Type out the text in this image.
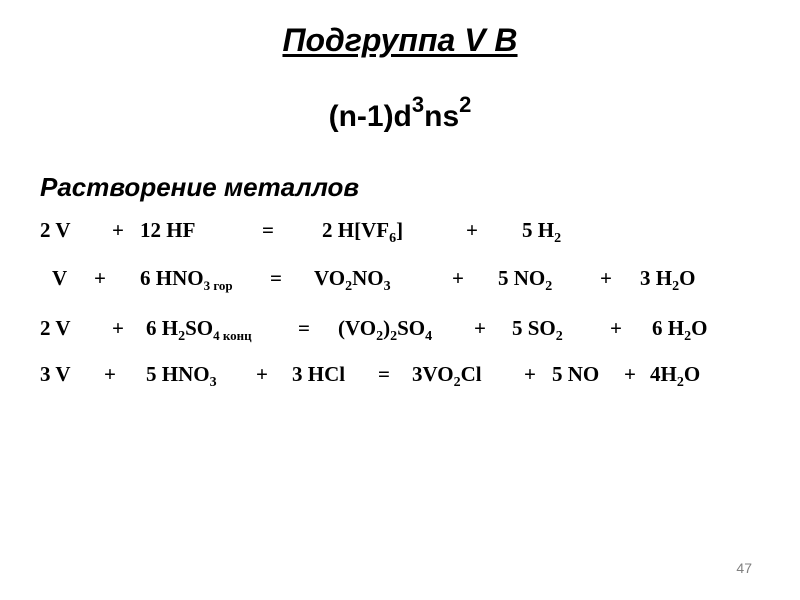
Подгруппа V B
$(n-1)d^3ns^2$
Растворение металлов
2 V + 12 HF	= 2 $H[VF_6]$	+ 5 $H_2$
V + 6 $HNO_{3 гор} = VO_2NO_3$	+ 5 $NO_2 + 3$ $H_2O$
2 V + 6 $H_2SO_{4 конц} = (VO_2)_2SO_4 + 5$ $SO_2 + 6$ $H_2O$
3 V + 5 $HNO_3 + 3$ HCl = $3VO_2Cl + 5$ NO + $4H_2O$
47
